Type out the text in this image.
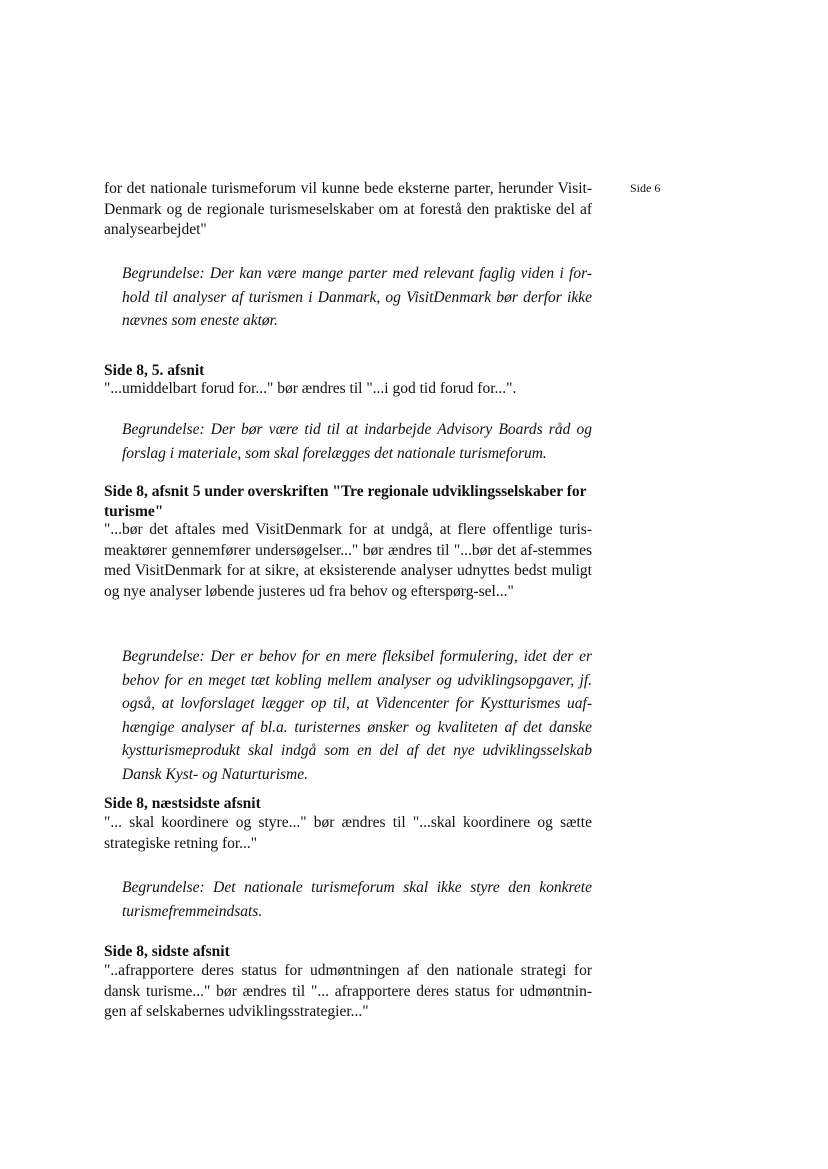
Side 6
for det nationale turismeforum vil kunne bede eksterne parter, herunder Visit-Denmark og de regionale turismeselskaber om at forestå den praktiske del af analysearbejdet"
Begrundelse: Der kan være mange parter med relevant faglig viden i for-hold til analyser af turismen i Danmark, og VisitDenmark bør derfor ikke nævnes som eneste aktør.
Side 8, 5. afsnit
"...umiddelbart forud for..." bør ændres til "...i god tid forud for...".
Begrundelse: Der bør være tid til at indarbejde Advisory Boards råd og forslag i materiale, som skal forelægges det nationale turismeforum.
Side 8, afsnit 5 under overskriften "Tre regionale udviklingsselskaber for turisme"
"...bør det aftales med VisitDenmark for at undgå, at flere offentlige turis-meaktører gennemfører undersøgelser..." bør ændres til "...bør det af-stemmes med VisitDenmark for at sikre, at eksisterende analyser udnyttes bedst muligt og nye analyser løbende justeres ud fra behov og efterspørg-sel..."
Begrundelse: Der er behov for en mere fleksibel formulering, idet der er behov for en meget tæt kobling mellem analyser og udviklingsopgaver, jf. også, at lovforslaget lægger op til, at Videncenter for Kystturismes uaf-hængige analyser af bl.a. turisternes ønsker og kvaliteten af det danske kystturismeprodukt skal indgå som en del af det nye udviklingsselskab Dansk Kyst- og Naturturisme.
Side 8, næstsidste afsnit
"... skal koordinere og styre..." bør ændres til "...skal koordinere og sætte strategiske retning for..."
Begrundelse: Det nationale turismeforum skal ikke styre den konkrete turismefremmeindsats.
Side 8, sidste afsnit
"..afrapportere deres status for udmøntningen af den nationale strategi for dansk turisme..." bør ændres til "... afrapportere deres status for udmøntnin-gen af selskabernes udviklingsstrategier..."
